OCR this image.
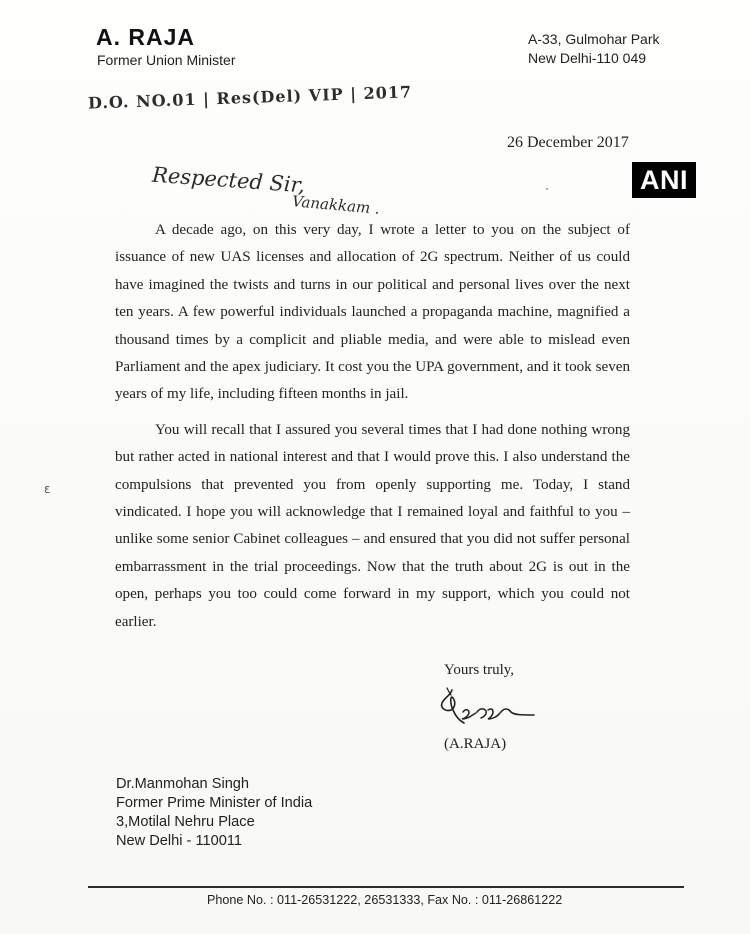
A. RAJA
Former Union Minister
A-33, Gulmohar Park
New Delhi-110 049
D.O. NO.01 | Res(Del) VIP | 2017
26 December 2017
ANI
Respected Sir,
Vanakkam .

A decade ago, on this very day, I wrote a letter to you on the subject of issuance of new UAS licenses and allocation of 2G spectrum. Neither of us could have imagined the twists and turns in our political and personal lives over the next ten years. A few powerful individuals launched a propaganda machine, magnified a thousand times by a complicit and pliable media, and were able to mislead even Parliament and the apex judiciary. It cost you the UPA government, and it took seven years of my life, including fifteen months in jail.

You will recall that I assured you several times that I had done nothing wrong but rather acted in national interest and that I would prove this. I also understand the compulsions that prevented you from openly supporting me. Today, I stand vindicated. I hope you will acknowledge that I remained loyal and faithful to you – unlike some senior Cabinet colleagues – and ensured that you did not suffer personal embarrassment in the trial proceedings. Now that the truth about 2G is out in the open, perhaps you too could come forward in my support, which you could not earlier.

ε
Yours truly,
(A.RAJA)
Dr.Manmohan Singh
Former Prime Minister of India
3,Motilal Nehru Place
New Delhi - 110011
Phone No. : 011-26531222, 26531333, Fax No. : 011-26861222
